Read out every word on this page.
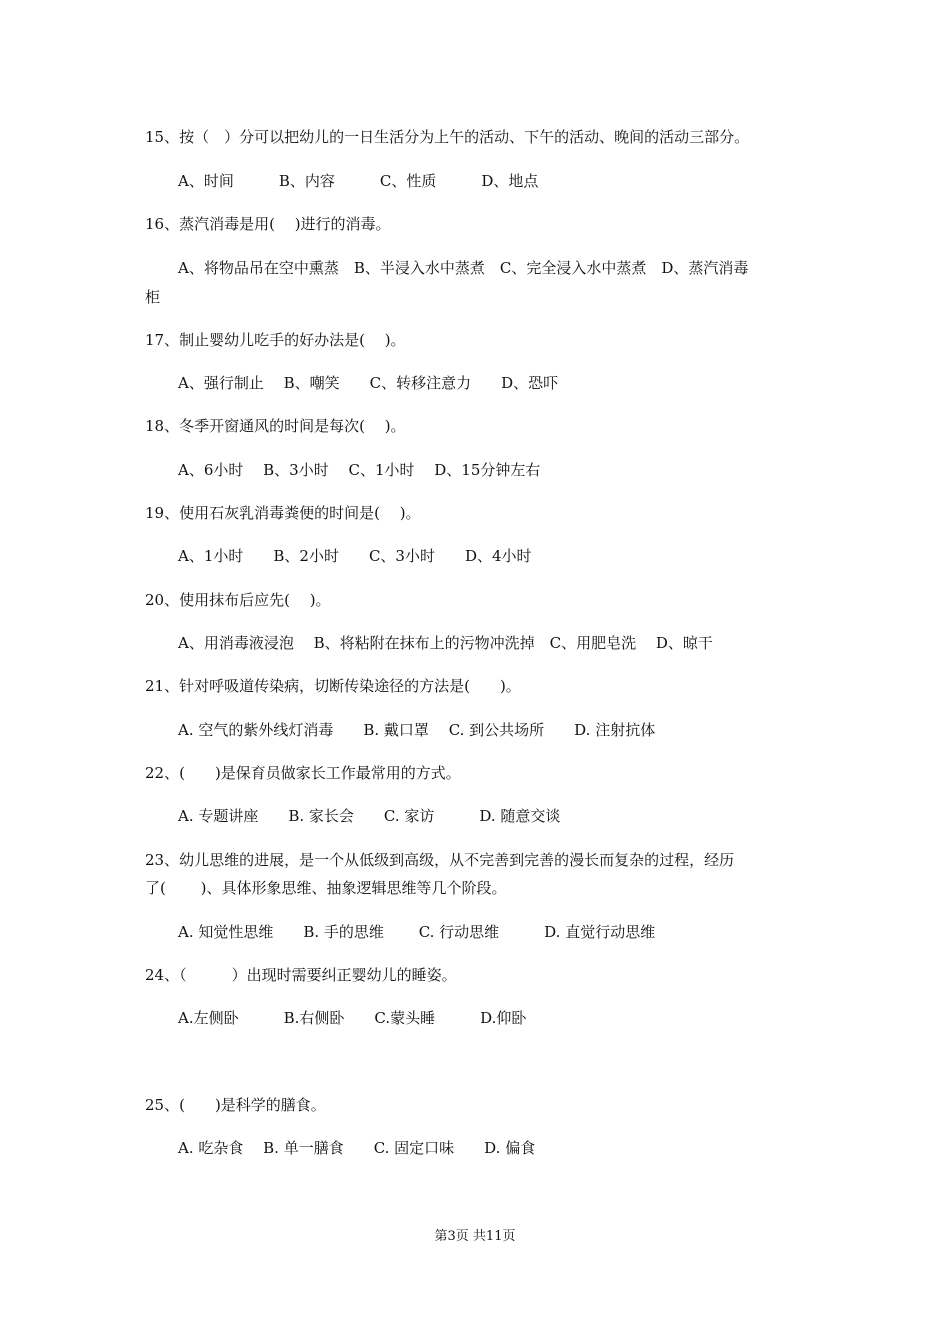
15、按（　）分可以把幼儿的一日生活分为上午的活动、下午的活动、晚间的活动三部分。
A、时间　　　B、内容　　　C、性质　　　D、地点
16、蒸汽消毒是用(　 )进行的消毒。
A、将物品吊在空中熏蒸　B、半浸入水中蒸煮　C、完全浸入水中蒸煮　D、蒸汽消毒
柜
17、制止婴幼儿吃手的好办法是(　 )。
A、强行制止　 B、嘲笑　　C、转移注意力　　D、恐吓
18、冬季开窗通风的时间是每次(　 )。
A、6小时　 B、3小时　 C、1小时　 D、15分钟左右
19、使用石灰乳消毒粪便的时间是(　 )。
A、1小时　　B、2小时　　C、3小时　　D、4小时
20、使用抹布后应先(　 )。
A、用消毒液浸泡　 B、将粘附在抹布上的污物冲洗掉　C、用肥皂洗　 D、晾干
21、针对呼吸道传染病，切断传染途径的方法是(　　)。
A. 空气的紫外线灯消毒　　B. 戴口罩　 C. 到公共场所　　D. 注射抗体
22、(　　)是保育员做家长工作最常用的方式。
A. 专题讲座　　B. 家长会　　C. 家访　　　D. 随意交谈
23、幼儿思维的进展，是一个从低级到高级，从不完善到完善的漫长而复杂的过程，经历
了(　　 )、具体形象思维、抽象逻辑思维等几个阶段。
A. 知觉性思维　　B. 手的思维　　 C. 行动思维　　　D. 直觉行动思维
24、（　　　）出现时需要纠正婴幼儿的睡姿。
A.左侧卧　　　B.右侧卧　　C.蒙头睡　　　D.仰卧
25、(　　)是科学的膳食。
A. 吃杂食　 B. 单一膳食　　C. 固定口味　　D. 偏食
第3页 共11页
